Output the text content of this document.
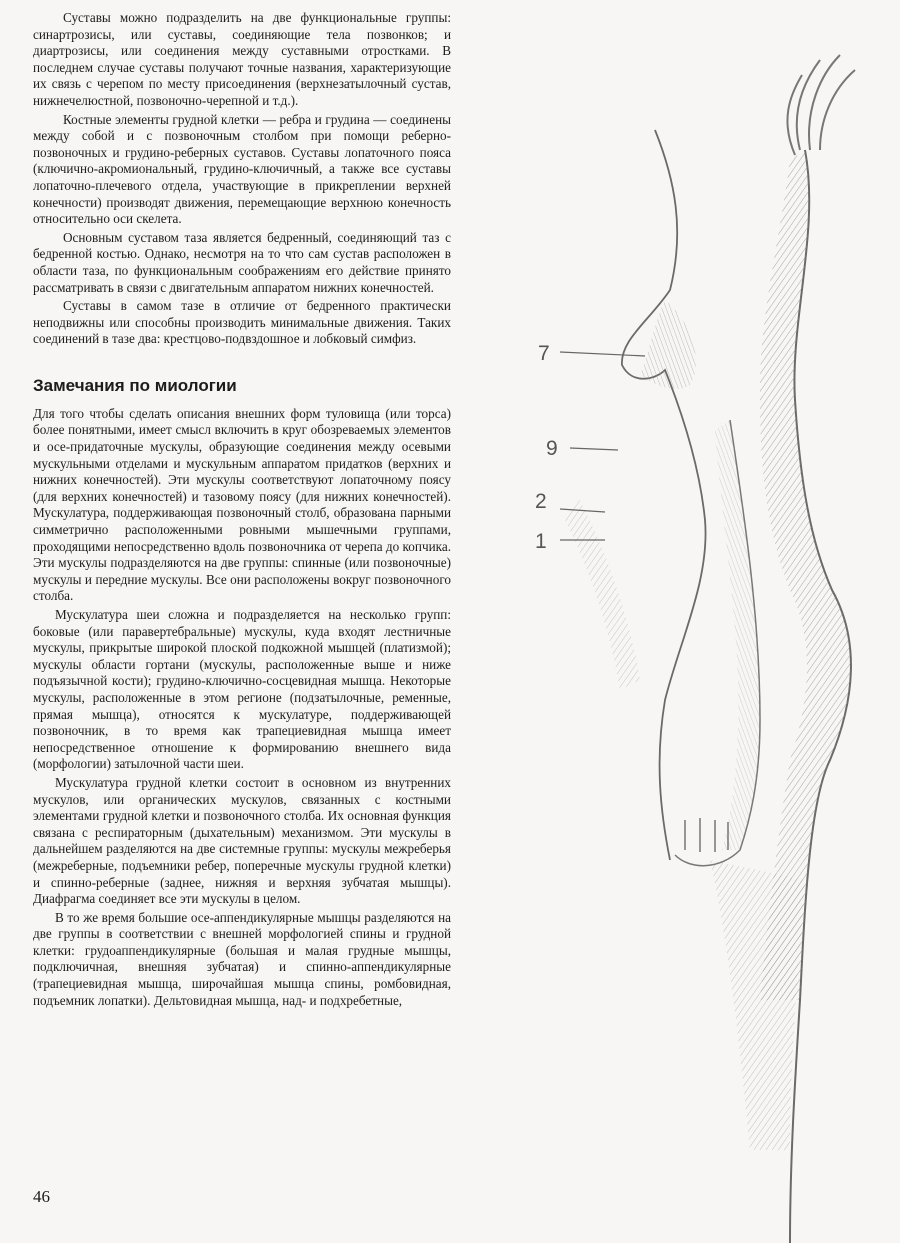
Суставы можно подразделить на две функциональные группы: синартрозисы, или суставы, соединяющие тела позвонков; и диартрозисы, или соединения между суставными отростками. В последнем случае суставы получают точные названия, характеризующие их связь с черепом по месту присоединения (верхнезатылочный сустав, нижнечелюстной, позвоночно-черепной и т.д.).

Костные элементы грудной клетки — ребра и грудина — соединены между собой и с позвоночным столбом при помощи реберно-позвоночных и грудино-реберных суставов. Суставы лопаточного пояса (ключично-акромиональный, грудино-ключичный, а также все суставы лопаточно-плечевого отдела, участвующие в прикреплении верхней конечности) производят движения, перемещающие верхнюю конечность относительно оси скелета.

Основным суставом таза является бедренный, соединяющий таз с бедренной костью. Однако, несмотря на то что сам сустав расположен в области таза, по функциональным соображениям его действие принято рассматривать в связи с двигательным аппаратом нижних конечностей.

Суставы в самом тазе в отличие от бедренного практически неподвижны или способны производить минимальные движения. Таких соединений в тазе два: крестцово-подвздошное и лобковый симфиз.

Замечания по миологии

Для того чтобы сделать описания внешних форм туловища (или торса) более понятными, имеет смысл включить в круг обозреваемых элементов и осе-придаточные мускулы, образующие соединения между осевыми мускульными отделами и мускульным аппаратом придатков (верхних и нижних конечностей). Эти мускулы соответствуют лопаточному поясу (для верхних конечностей) и тазовому поясу (для нижних конечностей). Мускулатура, поддерживающая позвоночный столб, образована парными симметрично расположенными ровными мышечными группами, проходящими непосредственно вдоль позвоночника от черепа до копчика. Эти мускулы подразделяются на две группы: спинные (или позвоночные) мускулы и передние мускулы. Все они расположены вокруг позвоночного столба.

Мускулатура шеи сложна и подразделяется на несколько групп: боковые (или паравертебральные) мускулы, куда входят лестничные мускулы, прикрытые широкой плоской подкожной мышцей (платизмой); мускулы области гортани (мускулы, расположенные выше и ниже подъязычной кости); грудино-ключично-сосцевидная мышца. Некоторые мускулы, расположенные в этом регионе (подзатылочные, ременные, прямая мышца), относятся к мускулатуре, поддерживающей позвоночник, в то время как трапециевидная мышца имеет непосредственное отношение к формированию внешнего вида (морфологии) затылочной части шеи.

Мускулатура грудной клетки состоит в основном из внутренних мускулов, или органических мускулов, связанных с костными элементами грудной клетки и позвоночного столба. Их основная функция связана с респираторным (дыхательным) механизмом. Эти мускулы в дальнейшем разделяются на две системные группы: мускулы межреберья (межреберные, подъемники ребер, поперечные мускулы грудной клетки) и спинно-реберные (заднее, нижняя и верхняя зубчатая мышцы). Диафрагма соединяет все эти мускулы в целом.

В то же время большие осе-аппендикулярные мышцы разделяются на две группы в соответствии с внешней морфологией спины и грудной клетки: грудоаппендикулярные (большая и малая грудные мышцы, подключичная, внешняя зубчатая) и спинно-аппендикулярные (трапециевидная мышца, широчайшая мышца спины, ромбовидная, подъемник лопатки). Дельтовидная мышца, над- и подхребетные,

46
7
9
2
1
